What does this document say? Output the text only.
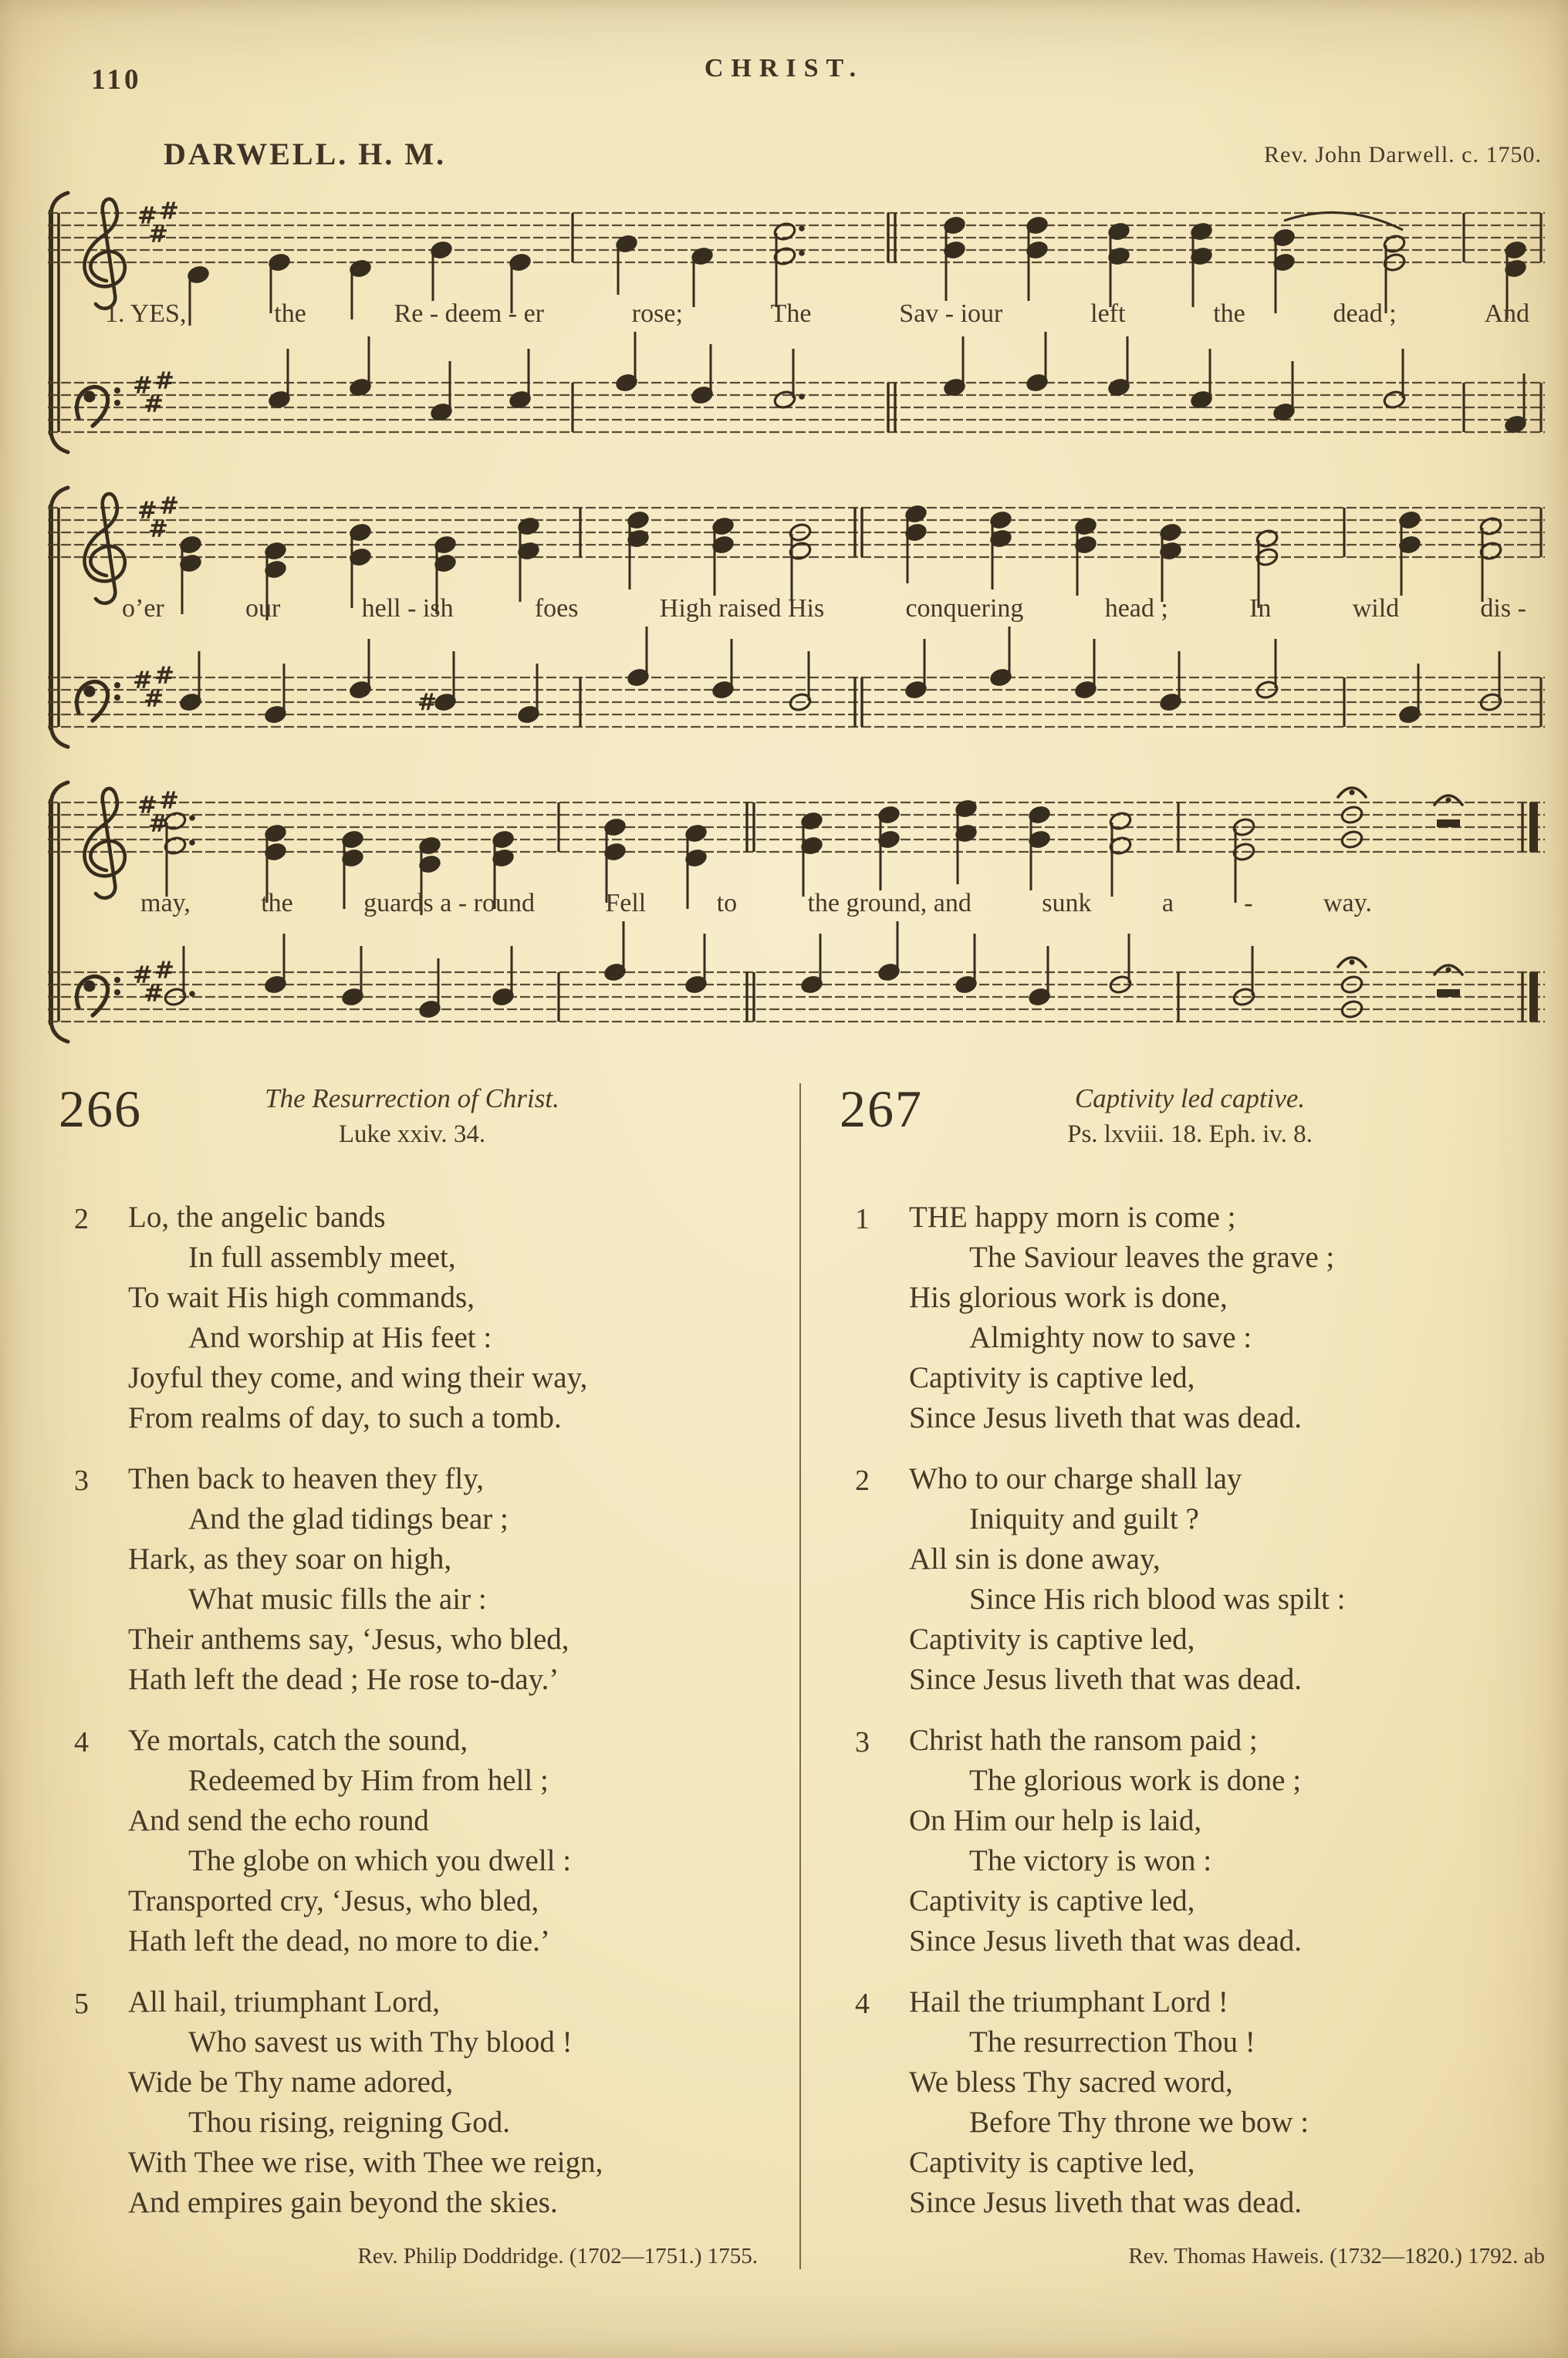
110	CHRIST.
DARWELL. H. M.	Rev. John Darwell. c. 1750.
#
#
#
#
#
#
1. YES,	the	Re - deem - er	rose;	The	Sav - iour	left	the	dead ;	And
#
#
#
#
#
#
#
o’er	our	hell - ish	foes	High raised His	conquering	head ;	In	wild	dis -
#
#
#
#
#
#
may,	the	guards a - round	Fell	to	the ground, and	sunk	a	-	way.
266	The Resurrection of Christ.
Luke xxiv. 34.
2 Lo, the angelic bands
In full assembly meet,
To wait His high commands,
And worship at His feet :
Joyful they come, and wing their way,
From realms of day, to such a tomb.
3 Then back to heaven they fly,
And the glad tidings bear ;
Hark, as they soar on high,
What music fills the air :
Their anthems say, ‘Jesus, who bled,
Hath left the dead ; He rose to-day.’
4 Ye mortals, catch the sound,
Redeemed by Him from hell ;
And send the echo round
The globe on which you dwell :
Transported cry, ‘Jesus, who bled,
Hath left the dead, no more to die.’
5 All hail, triumphant Lord,
Who savest us with Thy blood !
Wide be Thy name adored,
Thou rising, reigning God.
With Thee we rise, with Thee we reign,
And empires gain beyond the skies.
Rev. Philip Doddridge. (1702—1751.) 1755.
267	Captivity led captive.
Ps. lxviii. 18. Eph. iv. 8.
1 THE happy morn is come ;
The Saviour leaves the grave ;
His glorious work is done,
Almighty now to save :
Captivity is captive led,
Since Jesus liveth that was dead.
2 Who to our charge shall lay
Iniquity and guilt ?
All sin is done away,
Since His rich blood was spilt :
Captivity is captive led,
Since Jesus liveth that was dead.
3 Christ hath the ransom paid ;
The glorious work is done ;
On Him our help is laid,
The victory is won :
Captivity is captive led,
Since Jesus liveth that was dead.
4 Hail the triumphant Lord !
The resurrection Thou !
We bless Thy sacred word,
Before Thy throne we bow :
Captivity is captive led,
Since Jesus liveth that was dead.
Rev. Thomas Haweis. (1732—1820.) 1792. ab
